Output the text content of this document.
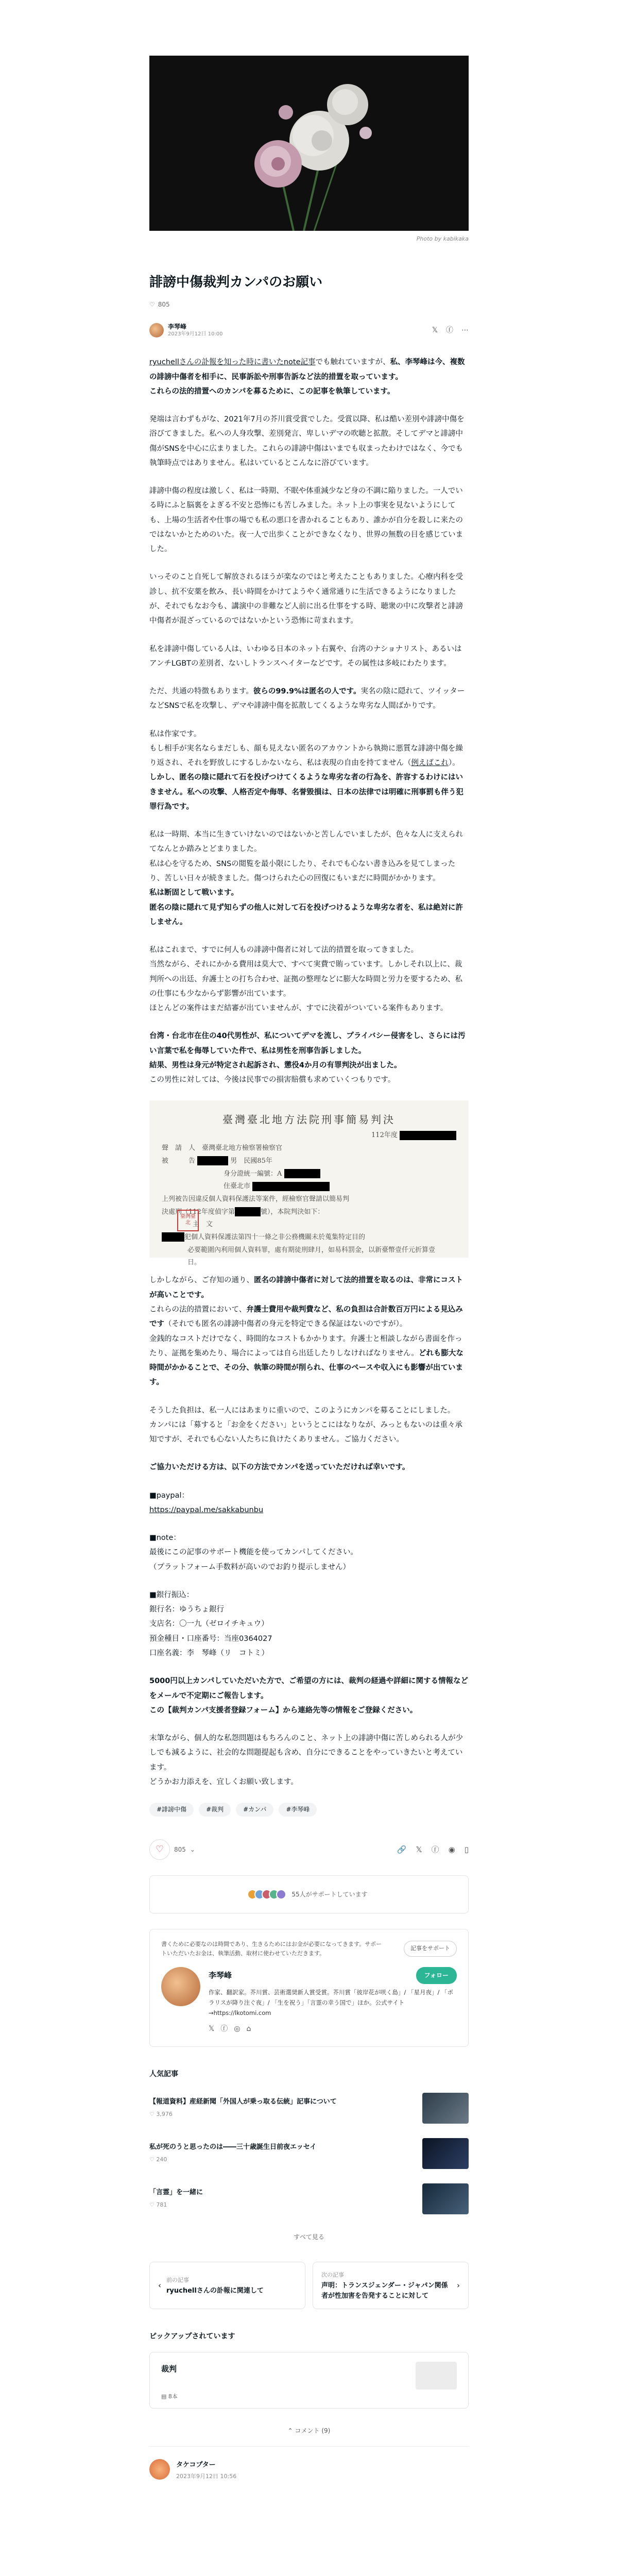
Photo by kabikaka
誹謗中傷裁判カンパのお願い
♡ 805
李琴峰
2023年9月12日 10:00
𝕏 ⓕ ⋯

ryuchellさんの訃報を知った時に書いたnote記事でも触れていますが、私、李琴峰は今、複数の誹謗中傷者を相手に、民事訴訟や刑事告訴など法的措置を取っています。
これらの法的措置へのカンパを募るために、この記事を執筆しています。

発端は言わずもがな、2021年7月の芥川賞受賞でした。受賞以降、私は酷い差別や誹謗中傷を浴びてきました。私への人身攻撃、差別発言、卑しいデマの吹聴と拡散。そしてデマと誹謗中傷がSNSを中心に広まりました。これらの誹謗中傷はいまでも収まったわけではなく、今でも執筆時点ではありません。私はいているとこんなに浴びています。

誹謗中傷の程度は激しく、私は一時期、不眠や体重減少など身の不調に陥りました。一人でいる時にふと脳裏をよぎる不安と恐怖にも苦しみました。ネット上の事実を見ないようにしても、上場の生活者や仕事の場でも私の悪口を書かれることもあり、誰かが自分を殺しに来たのではないかとためのいた。夜一人で出歩くことができなくなり、世界の無数の目を感じていました。

いっそのこと自死して解放されるほうが楽なのではと考えたこともありました。心療内科を受診し、抗不安薬を飲み、長い時間をかけてようやく通常通りに生活できるようになりましたが、それでもなお今も、講演中の非難など人前に出る仕事をする時、聴衆の中に攻撃者と誹謗中傷者が混ざっているのではないかという恐怖に苛まれます。

私を誹謗中傷している人は、いわゆる日本のネット右翼や、台湾のナショナリスト、あるいはアンチLGBTの差別者、ないしトランスヘイターなどです。その属性は多岐にわたります。

ただ、共通の特徴もあります。彼らの99.9%は匿名の人です。実名の陰に隠れて、ツイッターなどSNSで私を攻撃し、デマや誹謗中傷を拡散してくるような卑劣な人間ばかりです。

私は作家です。
もし相手が実名ならまだしも、顔も見えない匿名のアカウントから執拗に悪質な誹謗中傷を繰り返され、それを野放しにするしかないなら、私は表現の自由を持てません（例えばこれ）。
しかし、匿名の陰に隠れて石を投げつけてくるような卑劣な者の行為を、許容するわけにはいきません。私への攻撃、人格否定や侮辱、名誉毀損は、日本の法律では明確に刑事罰も伴う犯罪行為です。

私は一時期、本当に生きていけないのではないかと苦しんでいましたが、色々な人に支えられてなんとか踏みとどまりました。
私は心を守るため、SNSの閲覧を最小限にしたり、それでも心ない書き込みを見てしまったり、苦しい日々が続きました。傷つけられた心の回復にもいまだに時間がかかります。
私は断固として戦います。
匿名の陰に隠れて見ず知らずの他人に対して石を投げつけるような卑劣な者を、私は絶対に許しません。

私はこれまで、すでに何人もの誹謗中傷者に対して法的措置を取ってきました。
当然ながら、それにかかる費用は莫大で、すべて実費で賄っています。しかしそれ以上に、裁判所への出廷、弁護士との打ち合わせ、証拠の整理などに膨大な時間と労力を要するため、私の仕事にも少なからず影響が出ています。
ほとんどの案件はまだ結審が出ていませんが、すでに決着がついている案件もあります。

台湾・台北市在住の40代男性が、私についてデマを流し、プライバシー侵害をし、さらには汚い言葉で私を侮辱していた件で、私は男性を刑事告訴しました。
結果、男性は身元が特定され起訴され、懲役4か月の有罪判決が出ました。
この男性に対しては、今後は民事での損害賠償も求めていくつもりです。

臺灣臺北地方法院刑事簡易判決
112年度
聲　請　人　臺灣臺北地方檢察署檢察官
被　　　告	男　民國85年
身分證統一編號：A
住臺北市
上列被告因違反個人資料保護法等案件，經檢察官聲請以簡易判
決處刑（112年度偵字第	號），本院判決如下：
主　文
犯個人資料保護法第四十一條之非公務機關未於蒐集特定目的
必要範圍內利用個人資料罪，處有期徒刑肆月，如易科罰金，以新臺幣壹仟元折算壹
日。
臺灣臺北

しかしながら、ご存知の通り、匿名の誹謗中傷者に対して法的措置を取るのは、非常にコストが高いことです。
これらの法的措置において、弁護士費用や裁判費など、私の負担は合計数百万円による見込みです（それでも匿名の誹謗中傷者の身元を特定できる保証はないのですが）。
金銭的なコストだけでなく、時間的なコストもかかります。弁護士と相談しながら書面を作ったり、証拠を集めたり、場合によっては自ら出廷したりしなければなりません。どれも膨大な時間がかかることで、その分、執筆の時間が削られ、仕事のペースや収入にも影響が出ています。

そうした負担は、私一人にはあまりに重いので、このようにカンパを募ることにしました。
カンパには「募すると「お金をください」というとこにはなりなが、みっともないのは重々承知ですが、それでも心ない人たちに負けたくありません。ご協力ください。

ご協力いただける方は、以下の方法でカンパを送っていただければ幸いです。

■paypal：
https://paypal.me/sakkabunbu

■note：
最後にこの記事のサポート機能を使ってカンパしてください。
（プラットフォーム手数料が高いのでお釣り提示しません）

■銀行振込：
銀行名：ゆうちょ銀行
支店名：〇一九（ゼロイチキュウ）
預金種目・口座番号：当座0364027
口座名義：李　琴峰（リ　コトミ）

5000円以上カンパしていただいた方で、ご希望の方には、裁判の経過や詳細に関する情報などをメールで不定期にご報告します。
この【裁判カンパ支援者登録フォーム】から連絡先等の情報をご登録ください。

末筆ながら、個人的な私怨問題はもちろんのこと、ネット上の誹謗中傷に苦しめられる人が少しでも減るように、社会的な問題提起も含め、自分にできることをやっていきたいと考えています。
どうかお力添えを、宜しくお願い致します。

#誹謗中傷	#裁判	#カンパ	#李琴峰
♡ 805 ⌄	🔗 𝕏 ⓕ ◉ ▯
55人がサポートしています
書くために必要なのは時間であり、生きるためにはお金が必要になってきます。サポートいただいたお金は、執筆活動、取材に使わせていただきます。
記事をサポート
李琴峰	フォロー
作家、翻訳家。芥川賞、芸術選奨新人賞受賞。芥川賞「彼岸花が咲く島」/ 「星月夜」/ 「ポラリスが降り注ぐ夜」/ 「生を祝う」「言霊の幸う国で」ほか。公式サイト→https://lkotomi.com
𝕏 ⓕ ◎ ⌂
人気記事
【報道資料】産経新聞「外国人が乗っ取る伝統」記事について
♡ 3,976
私が死のうと思ったのは――三十歳誕生日前夜エッセイ
♡ 240
「言霊」を一緒に
♡ 781
すべて見る
‹
前の記事
ryuchellさんの訃報に関連して
次の記事
声明：トランスジェンダー・ジャパン関係者が性加害を告発することに対して
›
ピックアップされています
裁判
▤ 8本
⌃ コメント (9)
タケコプター
2023年9月12日 10:56
